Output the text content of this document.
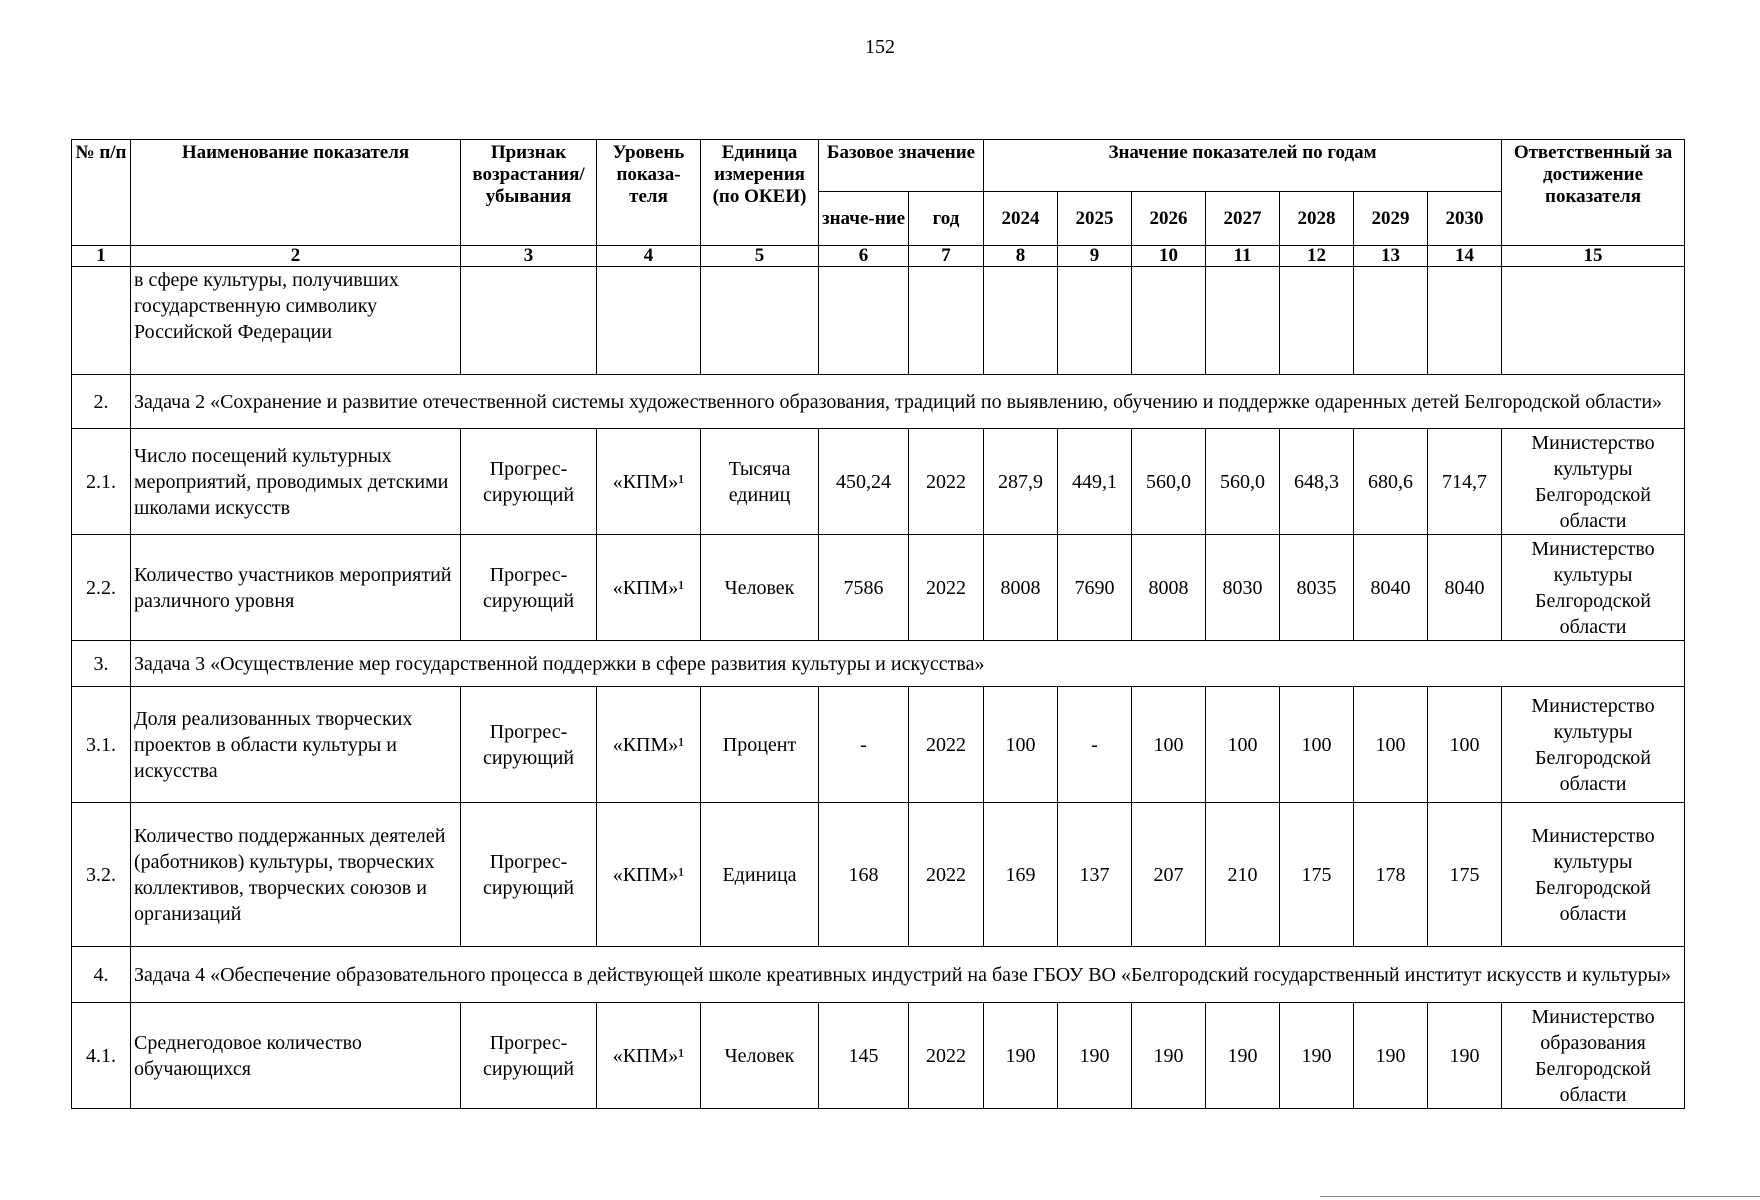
152
№ п/п	Наименование показателя	Признак возрастания/ убывания	Уровень показа-теля	Единица измерения (по ОКЕИ)	Базовое значение		Значение показателей по годам							Ответственный за достижение показателя
					значе-ние	год	2024	2025	2026	2027	2028	2029	2030	
1	2	3	4	5	6	7	8	9	10	11	12	13	14	15
	в сфере культуры, получивших государственную символику Российской Федерации													
2.	Задача 2 «Сохранение и развитие отечественной системы художественного образования, традиций по выявлению, обучению и поддержке одаренных детей Белгородской области»													
2.1.	Число посещений культурных мероприятий, проводимых детскими школами искусств	Прогрес-сирующий	«КПМ»¹	Тысяча единиц	450,24	2022	287,9	449,1	560,0	560,0	648,3	680,6	714,7	Министерство культуры Белгородской области
2.2.	Количество участников мероприятий различного уровня	Прогрес-сирующий	«КПМ»¹	Человек	7586	2022	8008	7690	8008	8030	8035	8040	8040	Министерство культуры Белгородской области
3.	Задача 3 «Осуществление мер государственной поддержки в сфере развития культуры и искусства»													
3.1.	Доля реализованных творческих проектов в области культуры и искусства	Прогрес-сирующий	«КПМ»¹	Процент	-	2022	100	-	100	100	100	100	100	Министерство культуры Белгородской области
3.2.	Количество поддержанных деятелей (работников) культуры, творческих коллективов, творческих союзов и организаций	Прогрес-сирующий	«КПМ»¹	Единица	168	2022	169	137	207	210	175	178	175	Министерство культуры Белгородской области
4.	Задача 4 «Обеспечение образовательного процесса в действующей школе креативных индустрий на базе ГБОУ ВО «Белгородский государственный институт искусств и культуры»													
4.1.	Среднегодовое количество обучающихся	Прогрес-сирующий	«КПМ»¹	Человек	145	2022	190	190	190	190	190	190	190	Министерство образования Белгородской области
